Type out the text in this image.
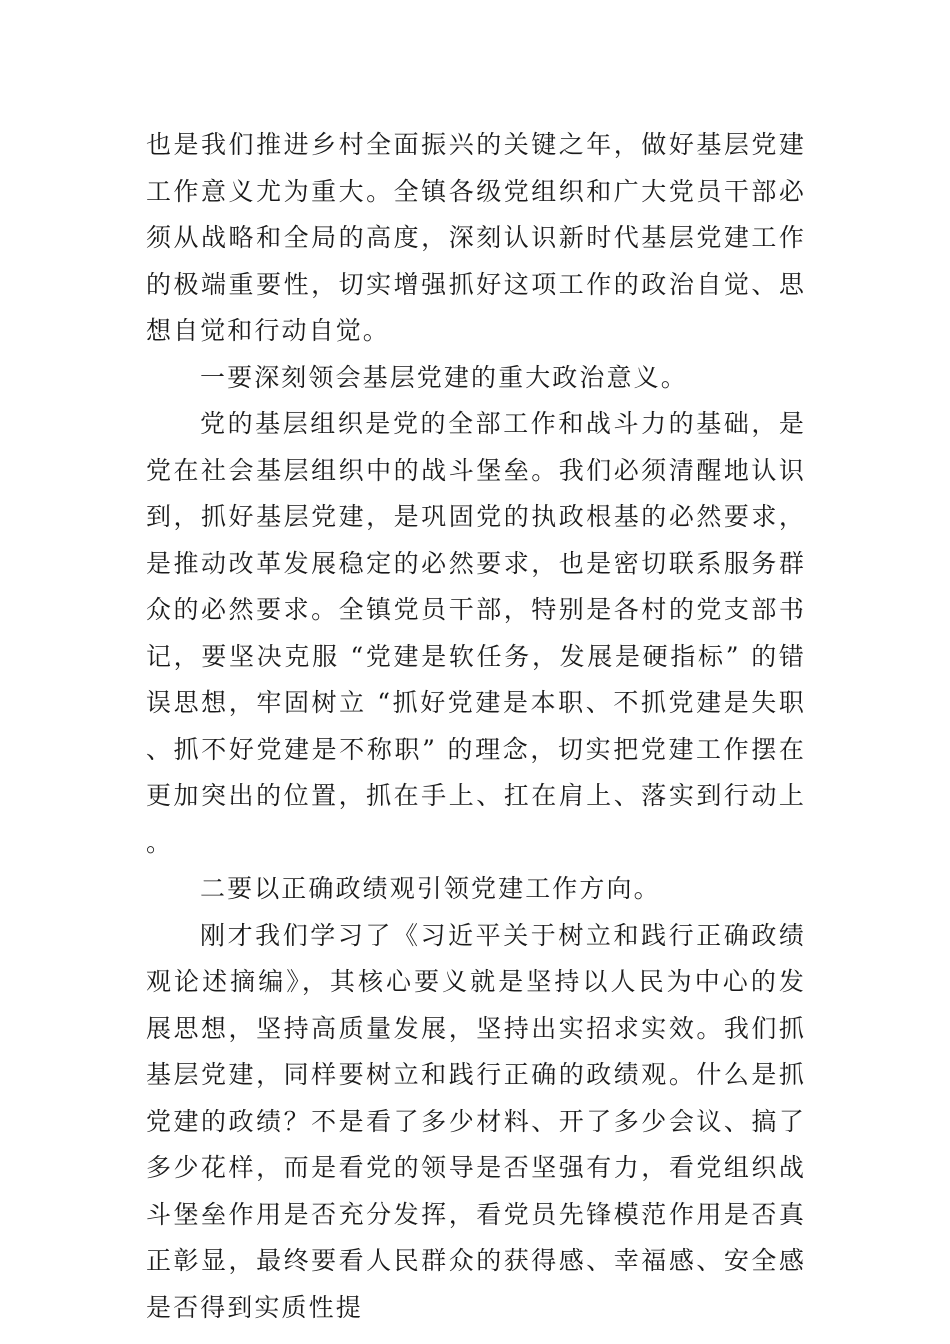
也是我们推进乡村全面振兴的关键之年，做好基层党建工作意义尤为重大。全镇各级党组织和广大党员干部必须从战略和全局的高度，深刻认识新时代基层党建工作的极端重要性，切实增强抓好这项工作的政治自觉、思想自觉和行动自觉。

一要深刻领会基层党建的重大政治意义。

党的基层组织是党的全部工作和战斗力的基础，是党在社会基层组织中的战斗堡垒。我们必须清醒地认识到，抓好基层党建，是巩固党的执政根基的必然要求，是推动改革发展稳定的必然要求，也是密切联系服务群众的必然要求。全镇党员干部，特别是各村的党支部书记，要坚决克服 “党建是软任务，发展是硬指标” 的错误思想，牢固树立 “抓好党建是本职、不抓党建是失职、抓不好党建是不称职” 的理念，切实把党建工作摆在更加突出的位置，抓在手上、扛在肩上、落实到行动上。

二要以正确政绩观引领党建工作方向。

刚才我们学习了《习近平关于树立和践行正确政绩观论述摘编》，其核心要义就是坚持以人民为中心的发展思想，坚持高质量发展，坚持出实招求实效。我们抓基层党建，同样要树立和践行正确的政绩观。什么是抓党建的政绩？不是看了多少材料、开了多少会议、搞了多少花样，而是看党的领导是否坚强有力，看党组织战斗堡垒作用是否充分发挥，看党员先锋模范作用是否真正彰显，最终要看人民群众的获得感、幸福感、安全感是否得到实质性提
